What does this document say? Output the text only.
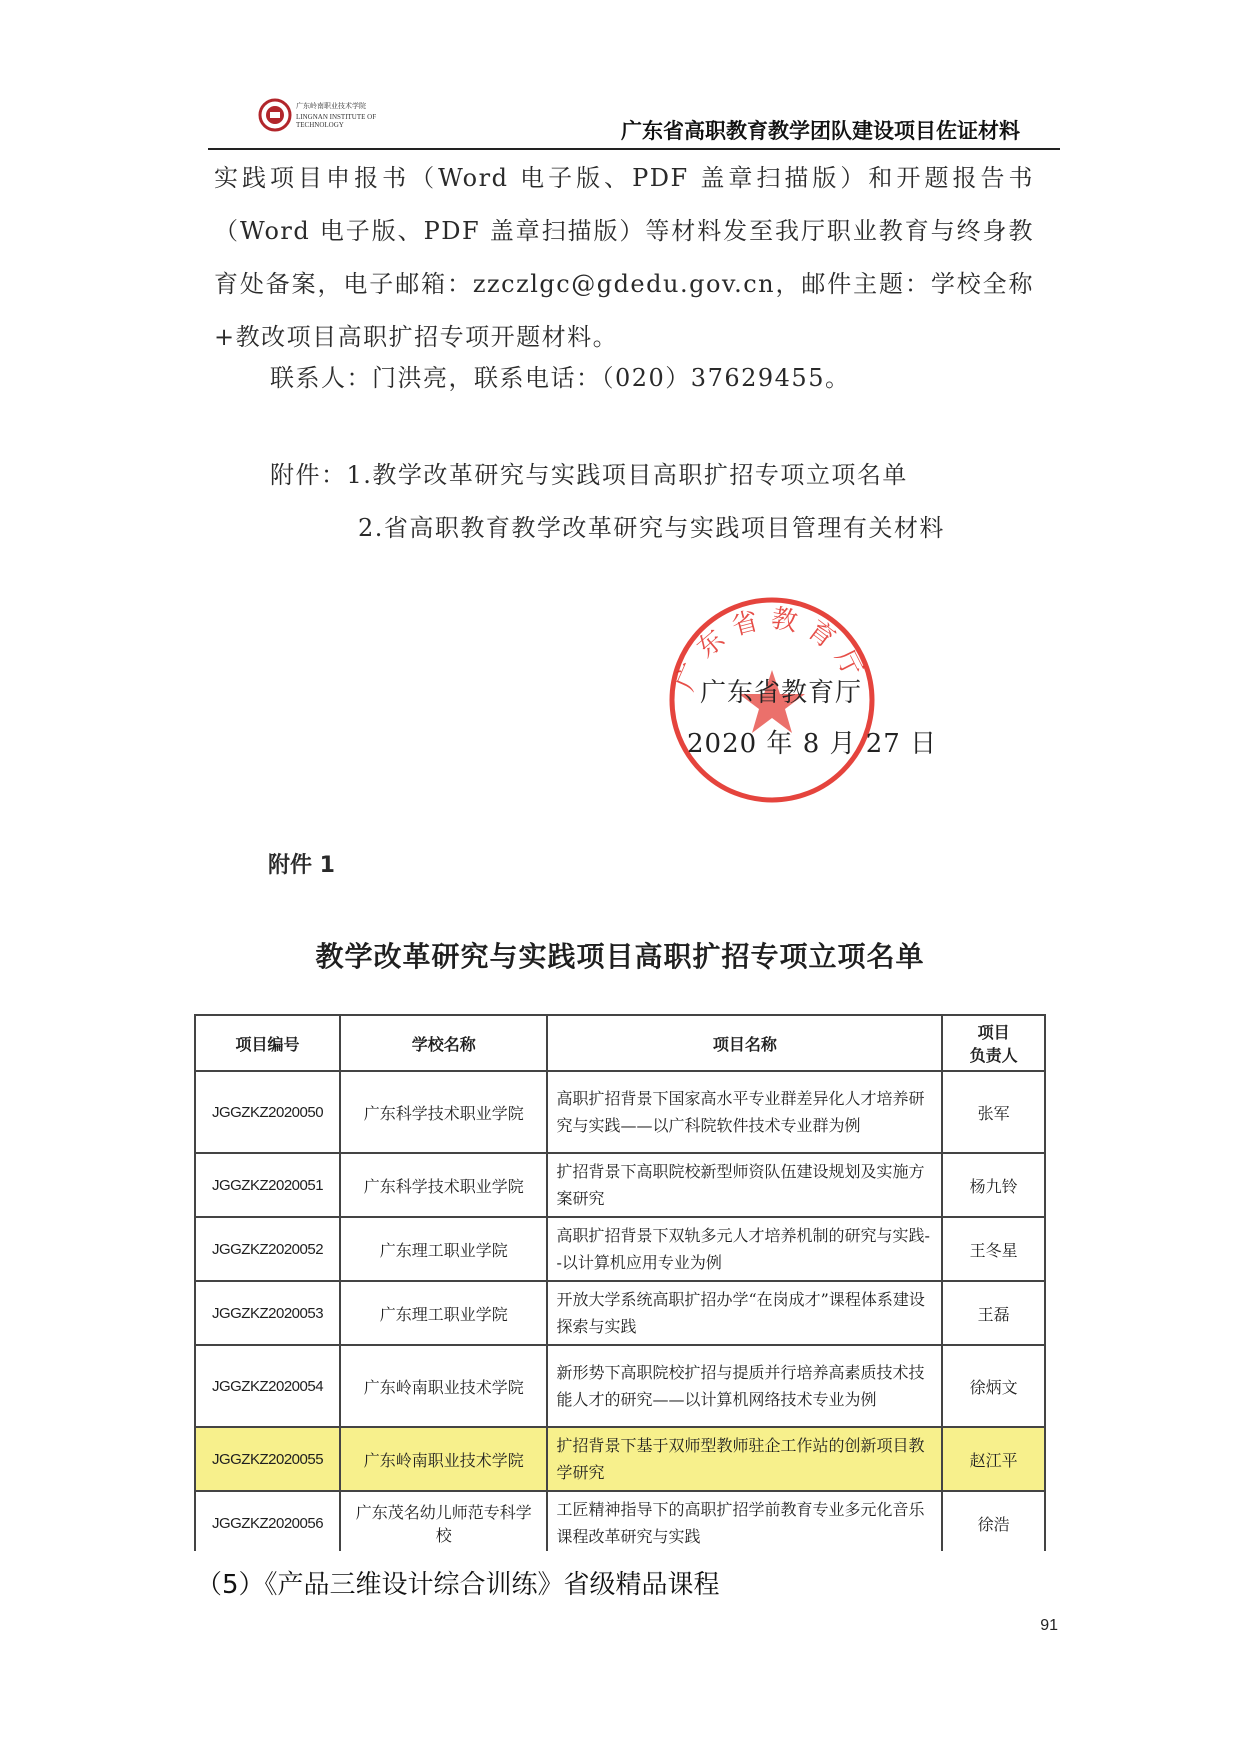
广东岭南职业技术学院
LINGNAN INSTITUTE OF TECHNOLOGY	广东省高职教育教学团队建设项目佐证材料

实践项目申报书（Word 电子版、PDF 盖章扫描版）和开题报告书（Word 电子版、PDF 盖章扫描版）等材料发至我厅职业教育与终身教育处备案，电子邮箱：zzczlgc@gdedu.gov.cn，邮件主题：学校全称+教改项目高职扩招专项开题材料。

联系人：门洪亮，联系电话：（020）37629455。
附件：1.教学改革研究与实践项目高职扩招专项立项名单
2.省高职教育教学改革研究与实践项目管理有关材料
广东省教育厅
广东省教育厅
2020 年 8 月 27 日
附件 1
教学改革研究与实践项目高职扩招专项立项名单
项目编号	学校名称	项目名称	项目
负责人

JGGZKZ2020050	广东科学技术职业学院	高职扩招背景下国家高水平专业群差异化人才培养研究与实践——以广科院软件技术专业群为例	张军
JGGZKZ2020051	广东科学技术职业学院	扩招背景下高职院校新型师资队伍建设规划及实施方案研究	杨九铃
JGGZKZ2020052	广东理工职业学院	高职扩招背景下双轨多元人才培养机制的研究与实践--以计算机应用专业为例	王冬星
JGGZKZ2020053	广东理工职业学院	开放大学系统高职扩招办学“在岗成才”课程体系建设探索与实践	王磊
JGGZKZ2020054	广东岭南职业技术学院	新形势下高职院校扩招与提质并行培养高素质技术技能人才的研究——以计算机网络技术专业为例	徐炳文
JGGZKZ2020055	广东岭南职业技术学院	扩招背景下基于双师型教师驻企工作站的创新项目教学研究	赵江平
JGGZKZ2020056	广东茂名幼儿师范专科学校	工匠精神指导下的高职扩招学前教育专业多元化音乐课程改革研究与实践	徐浩

（5）《产品三维设计综合训练》省级精品课程
91
